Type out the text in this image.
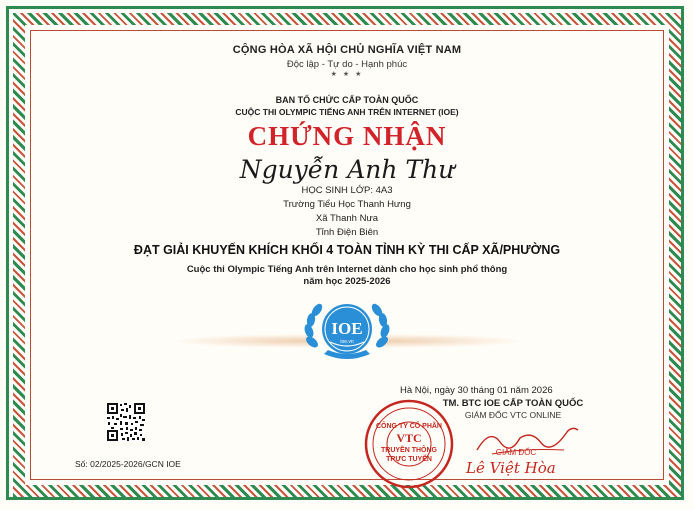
CỘNG HÒA XÃ HỘI CHỦ NGHĨA VIỆT NAM
Độc lập - Tự do - Hạnh phúc
★ ★ ★
BAN TỔ CHỨC CẤP TOÀN QUỐC
CUỘC THI OLYMPIC TIẾNG ANH TRÊN INTERNET (IOE)
CHỨNG NHẬN
Nguyễn Anh Thư
HỌC SINH LỚP: 4A3
Trường Tiểu Học Thanh Hưng
Xã Thanh Nưa
Tỉnh Điện Biên
ĐẠT GIẢI KHUYẾN KHÍCH KHỐI 4 TOÀN TỈNH KỲ THI CẤP XÃ/PHƯỜNG
Cuộc thi Olympic Tiếng Anh trên Internet dành cho học sinh phổ thông
năm học 2025-2026
IOE
ioe.vn
Số: 02/2025-2026/GCN IOE
Hà Nội, ngày 30 tháng 01 năm 2026
TM. BTC IOE CẤP TOÀN QUỐC
GIÁM ĐỐC VTC ONLINE
CÔNG TY CỔ PHẦN
VTC
TRUYỀN THÔNG
TRỰC TUYẾN
GIÁM ĐỐC
Lê Việt Hòa
